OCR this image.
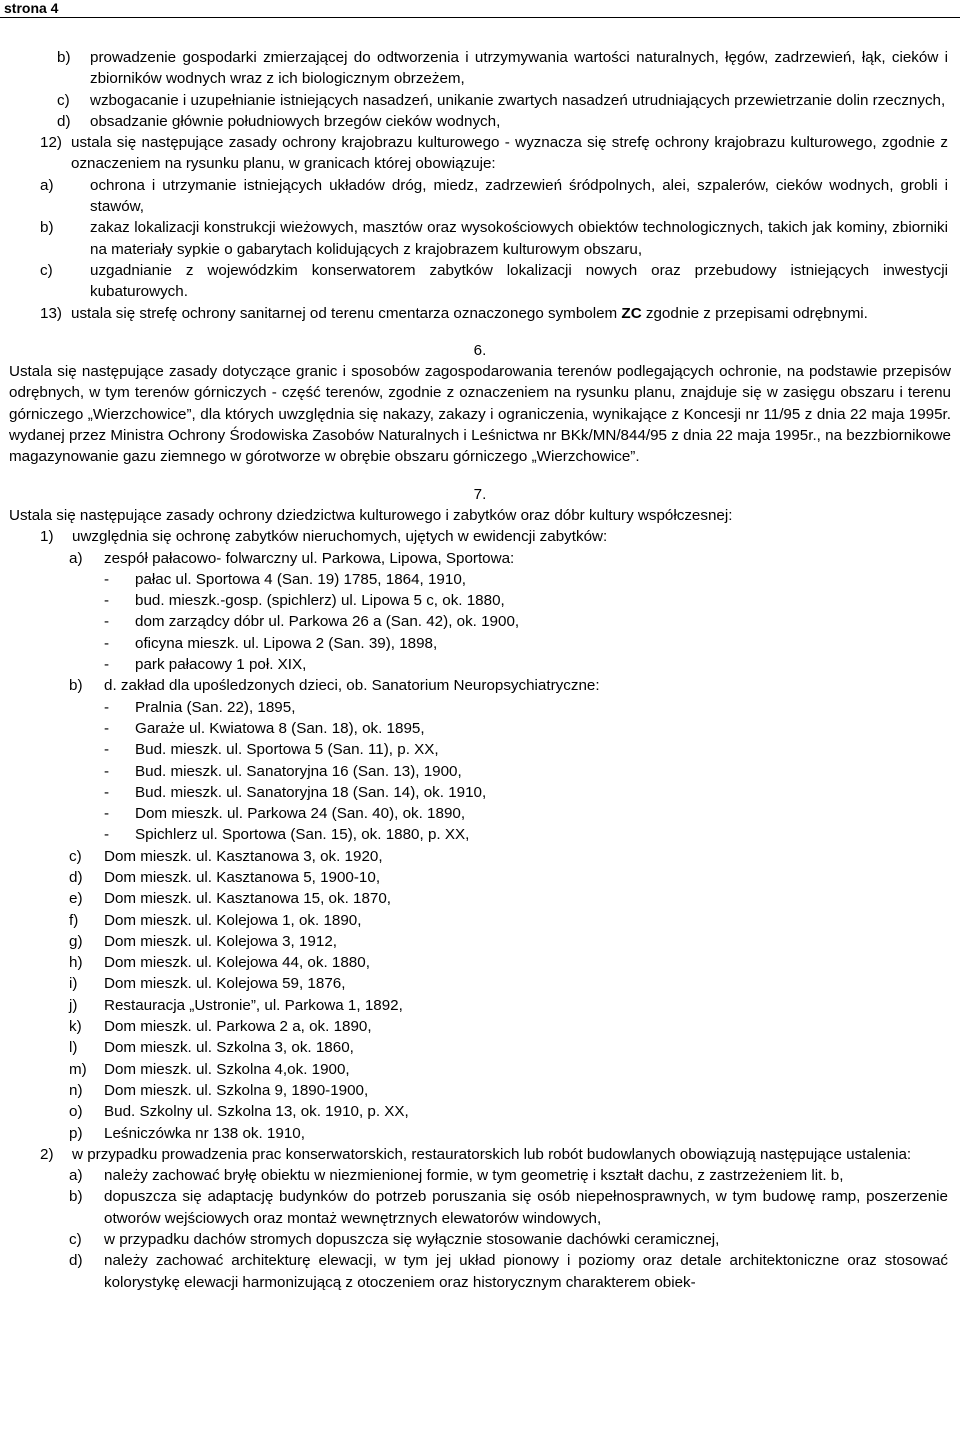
strona 4
b) prowadzenie gospodarki zmierzającej do odtworzenia i utrzymywania wartości naturalnych, łęgów, zadrzewień, łąk, cieków i zbiorników wodnych wraz z ich biologicznym obrzeżem,
c) wzbogacanie i uzupełnianie istniejących nasadzeń, unikanie zwartych nasadzeń utrudniających przewietrzanie dolin rzecznych,
d) obsadzanie głównie południowych brzegów cieków wodnych,
12) ustala się następujące zasady ochrony krajobrazu kulturowego - wyznacza się strefę ochrony krajobrazu kulturowego, zgodnie z oznaczeniem na rysunku planu, w granicach której obowiązuje:
a) ochrona i utrzymanie istniejących układów dróg, miedz, zadrzewień śródpolnych, alei, szpalerów, cieków wodnych, grobli i stawów,
b) zakaz lokalizacji konstrukcji wieżowych, masztów oraz wysokościowych obiektów technologicznych, takich jak kominy, zbiorniki na materiały sypkie o gabarytach kolidujących z krajobrazem kulturowym obszaru,
c) uzgadnianie z wojewódzkim konserwatorem zabytków lokalizacji nowych oraz przebudowy istniejących inwestycji kubaturowych.
13) ustala się strefę ochrony sanitarnej od terenu cmentarza oznaczonego symbolem ZC zgodnie z przepisami odrębnymi.
6.
Ustala się następujące zasady dotyczące granic i sposobów zagospodarowania terenów podlegających ochronie, na podstawie przepisów odrębnych, w tym terenów górniczych - część terenów, zgodnie z oznaczeniem na rysunku planu, znajduje się w zasięgu obszaru i terenu górniczego „Wierzchowice”, dla których uwzględnia się nakazy, zakazy i ograniczenia, wynikające z Koncesji nr 11/95 z dnia 22 maja 1995r. wydanej przez Ministra Ochrony Środowiska Zasobów Naturalnych i Leśnictwa nr BKk/MN/844/95 z dnia 22 maja 1995r., na bezzbiornikowe magazynowanie gazu ziemnego w górotworze w obrębie obszaru górniczego „Wierzchowice”.
7.
Ustala się następujące zasady ochrony dziedzictwa kulturowego i zabytków oraz dóbr kultury współczesnej:
1) uwzględnia się ochronę zabytków nieruchomych, ujętych w ewidencji zabytków:
a) zespół pałacowo- folwarczny ul. Parkowa, Lipowa, Sportowa:
- pałac ul. Sportowa 4 (San. 19) 1785, 1864, 1910,
- bud. mieszk.-gosp. (spichlerz) ul. Lipowa 5 c, ok. 1880,
- dom zarządcy dóbr ul. Parkowa 26 a (San. 42), ok. 1900,
- oficyna mieszk. ul. Lipowa 2 (San. 39), 1898,
- park pałacowy 1 poł. XIX,
b) d. zakład dla upośledzonych dzieci, ob. Sanatorium Neuropsychiatryczne:
- Pralnia (San. 22), 1895,
- Garaże ul. Kwiatowa 8 (San. 18), ok. 1895,
- Bud. mieszk. ul. Sportowa 5 (San. 11), p. XX,
- Bud. mieszk. ul. Sanatoryjna 16 (San. 13), 1900,
- Bud. mieszk. ul. Sanatoryjna 18 (San. 14), ok. 1910,
- Dom mieszk. ul. Parkowa 24 (San. 40), ok. 1890,
- Spichlerz ul. Sportowa (San. 15), ok. 1880, p. XX,
c) Dom mieszk. ul. Kasztanowa 3, ok. 1920,
d) Dom mieszk. ul. Kasztanowa 5, 1900-10,
e) Dom mieszk. ul. Kasztanowa 15, ok. 1870,
f) Dom mieszk. ul. Kolejowa 1, ok. 1890,
g) Dom mieszk. ul. Kolejowa 3, 1912,
h) Dom mieszk. ul. Kolejowa 44, ok. 1880,
i) Dom mieszk. ul. Kolejowa 59, 1876,
j) Restauracja „Ustronie”, ul. Parkowa 1, 1892,
k) Dom mieszk. ul. Parkowa 2 a, ok. 1890,
l) Dom mieszk. ul. Szkolna 3, ok. 1860,
m) Dom mieszk. ul. Szkolna 4,ok. 1900,
n) Dom mieszk. ul. Szkolna 9, 1890-1900,
o) Bud. Szkolny ul. Szkolna 13, ok. 1910, p. XX,
p) Leśniczówka nr 138 ok. 1910,
2) w przypadku prowadzenia prac konserwatorskich, restauratorskich lub robót budowlanych obowiązują następujące ustalenia:
a) należy zachować bryłę obiektu w niezmienionej formie, w tym geometrię i kształt dachu, z zastrzeżeniem lit. b,
b) dopuszcza się adaptację budynków do potrzeb poruszania się osób niepełnosprawnych, w tym budowę ramp, poszerzenie otworów wejściowych oraz montaż wewnętrznych elewatorów windowych,
c) w przypadku dachów stromych dopuszcza się wyłącznie stosowanie dachówki ceramicznej,
d) należy zachować architekturę elewacji, w tym jej układ pionowy i poziomy oraz detale architektoniczne oraz stosować kolorystykę elewacji harmonizującą z otoczeniem oraz historycznym charakterem obiek-
